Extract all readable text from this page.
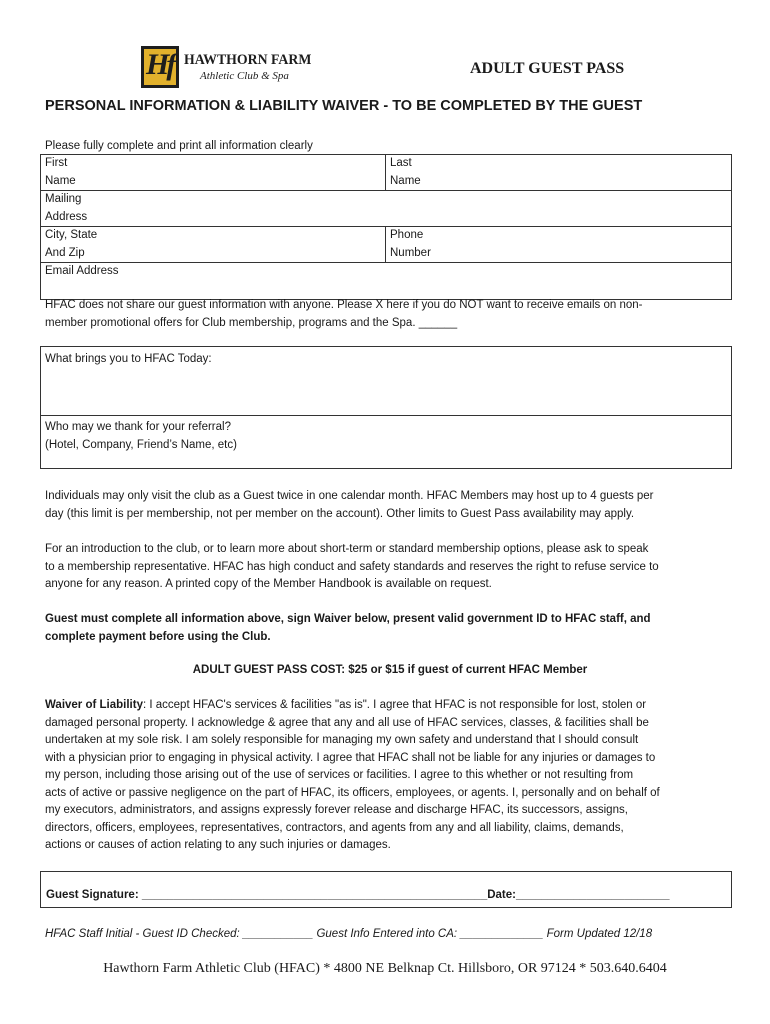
Hf HAWTHORN FARM
Athletic Club & Spa	ADULT GUEST PASS
PERSONAL INFORMATION & LIABILITY WAIVER - TO BE COMPLETED BY THE GUEST
Please fully complete and print all information clearly
First
Name
Last
Name
Mailing
Address
City, State
And Zip
Phone
Number
Email Address
HFAC does not share our guest information with anyone. Please X here if you do NOT want to receive emails on non-
member promotional offers for Club membership, programs and the Spa. ______
What brings you to HFAC Today:
Who may we thank for your referral?
(Hotel, Company, Friend’s Name, etc)
Individuals may only visit the club as a Guest twice in one calendar month. HFAC Members may host up to 4 guests per
day (this limit is per membership, not per member on the account). Other limits to Guest Pass availability may apply.
For an introduction to the club, or to learn more about short-term or standard membership options, please ask to speak
to a membership representative. HFAC has high conduct and safety standards and reserves the right to refuse service to
anyone for any reason. A printed copy of the Member Handbook is available on request.
Guest must complete all information above, sign Waiver below, present valid government ID to HFAC staff, and
complete payment before using the Club.
ADULT GUEST PASS COST: $25 or $15 if guest of current HFAC Member
Waiver of Liability: I accept HFAC's services & facilities "as is". I agree that HFAC is not responsible for lost, stolen or
damaged personal property. I acknowledge & agree that any and all use of HFAC services, classes, & facilities shall be
undertaken at my sole risk. I am solely responsible for managing my own safety and understand that I should consult
with a physician prior to engaging in physical activity. I agree that HFAC shall not be liable for any injuries or damages to
my person, including those arising out of the use of services or facilities. I agree to this whether or not resulting from
acts of active or passive negligence on the part of HFAC, its officers, employees, or agents. I, personally and on behalf of
my executors, administrators, and assigns expressly forever release and discharge HFAC, its successors, assigns,
directors, officers, employees, representatives, contractors, and agents from any and all liability, claims, demands,
actions or causes of action relating to any such injuries or damages.
Guest Signature: ______________________________________________________Date:________________________
HFAC Staff Initial - Guest ID Checked: ___________ Guest Info Entered into CA: _____________ Form Updated 12/18
Hawthorn Farm Athletic Club (HFAC) * 4800 NE Belknap Ct. Hillsboro, OR 97124 * 503.640.6404
